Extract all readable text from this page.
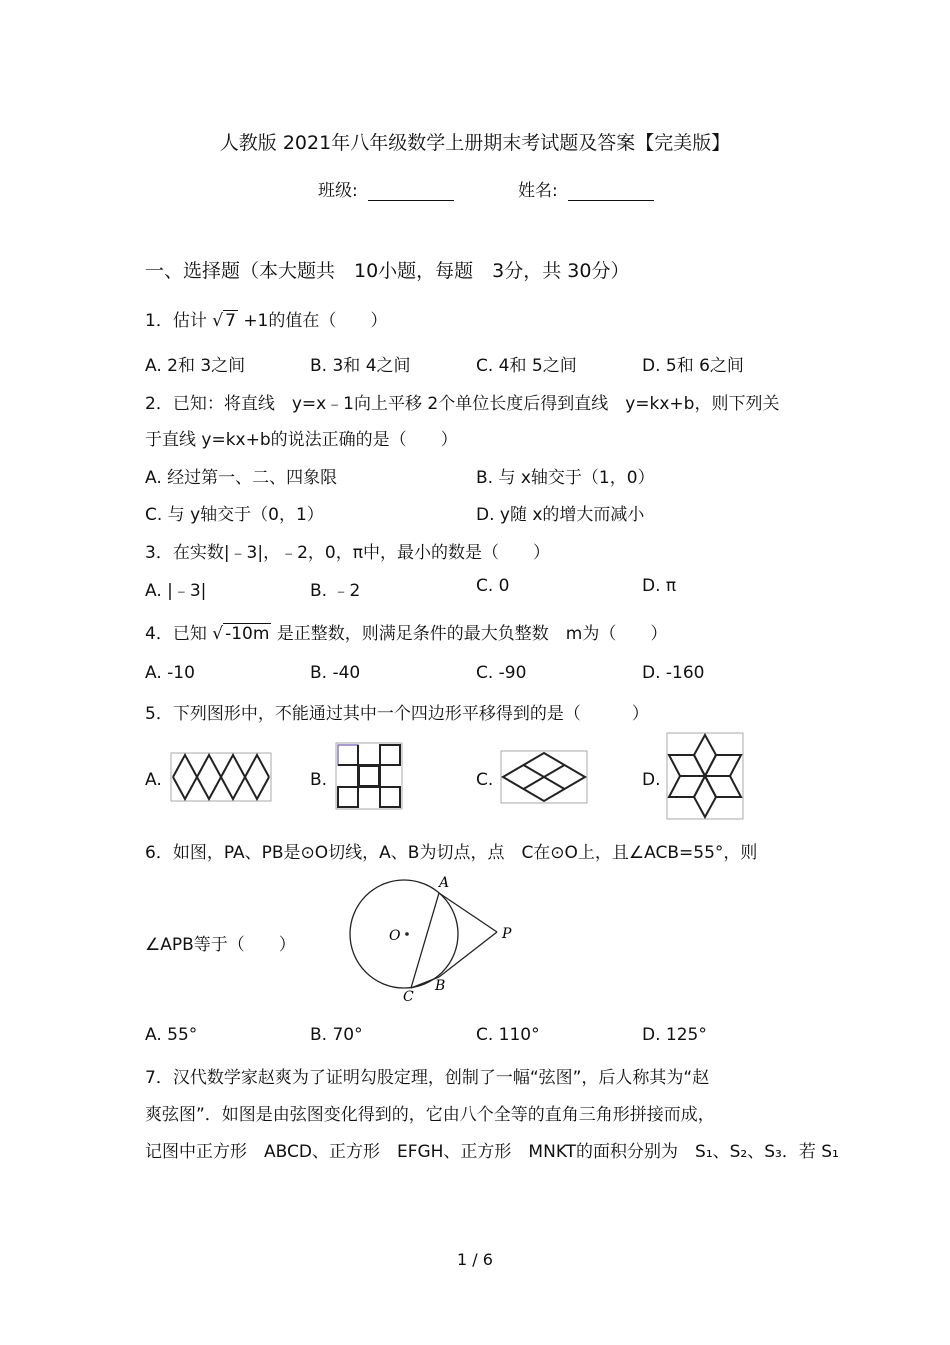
人教版 2021年八年级数学上册期末考试题及答案【完美版】
班级:	姓名:
一、选择题（本大题共　10小题，每题　3分，共 30分）
1．估计 √ 7 +1的值在（　　）
A. 2和 3之间	B. 3和 4之间	C. 4和 5之间	D. 5和 6之间
2．已知：将直线　y=x﹣1向上平移 2个单位长度后得到直线　y=kx+b，则下列关
于直线 y=kx+b的说法正确的是（　　）
A. 经过第一、二、四象限	B. 与 x轴交于（1，0）
C. 与 y轴交于（0，1）	D. y随 x的增大而减小
3．在实数|﹣3|，﹣2，0，π中，最小的数是（　　）
A. |﹣3|	B. ﹣2	C. 0	D. π
4．已知 √ -10m 是正整数，则满足条件的最大负整数　m为（　　）
A. -10	B. -40	C. -90	D. -160
5．下列图形中，不能通过其中一个四边形平移得到的是（　　　）
A.	B.	C.	D.
6．如图，PA、PB是⊙O切线，A、B为切点，点　C在⊙O上，且∠ACB=55°，则
∠APB等于（　　）
A
B
C
O	P
A. 55°	B. 70°	C. 110°	D. 125°
7．汉代数学家赵爽为了证明勾股定理，创制了一幅“弦图”，后人称其为“赵
爽弦图”．如图是由弦图变化得到的，它由八个全等的直角三角形拼接而成，
记图中正方形　ABCD、正方形　EFGH、正方形　MNKT的面积分别为　S₁、S₂、S₃．若 S₁
1 / 6
